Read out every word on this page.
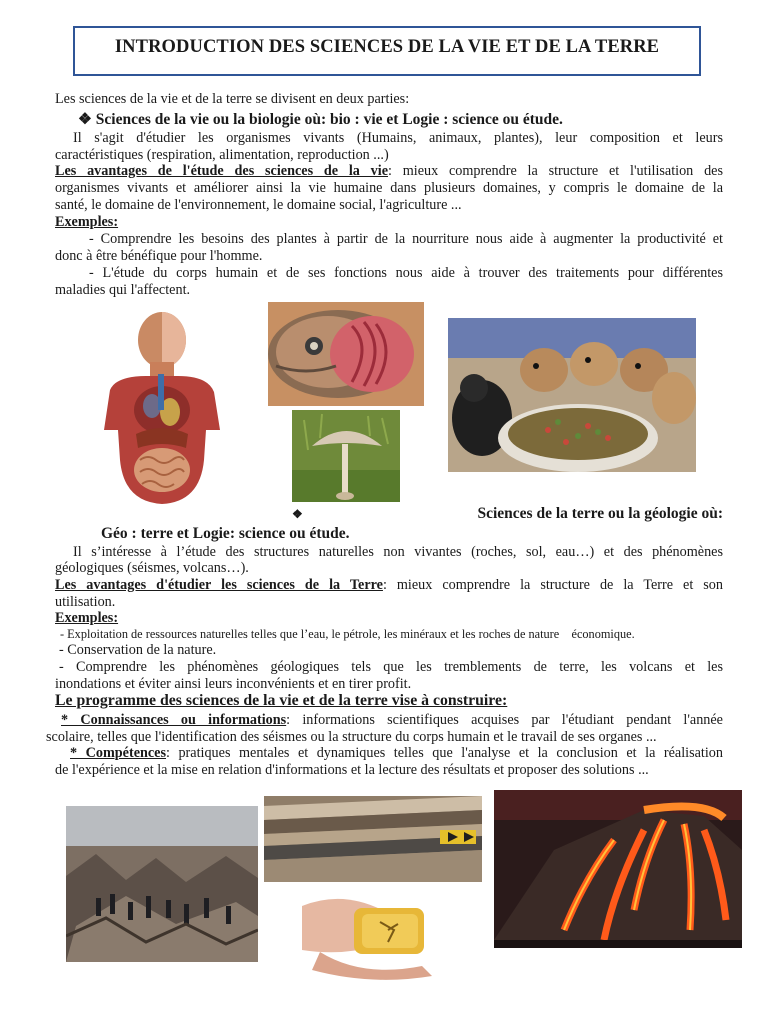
INTRODUCTION DES SCIENCES DE LA VIE ET DE LA TERRE
Les sciences de la vie et de la terre se divisent en deux parties:
❖ Sciences de la vie ou la biologie où: bio : vie et Logie : science ou étude.
Il s'agit d'étudier les organismes vivants (Humains, animaux, plantes), leur composition et leurs
caractéristiques (respiration, alimentation, reproduction ...)
Les avantages de l'étude des sciences de la vie: mieux comprendre la structure et l'utilisation des
organismes vivants et améliorer ainsi la vie humaine dans plusieurs domaines, y compris le domaine de la
santé, le domaine de l'environnement, le domaine social, l'agriculture ...
Exemples:
- Comprendre les besoins des plantes à partir de la nourriture nous aide à augmenter la productivité et
donc à être bénéfique pour l'homme.
- L'étude du corps humain et de ses fonctions nous aide à trouver des traitements pour différentes
maladies qui l'affectent.
❖	Sciences de la terre ou la géologie où:
Géo : terre et Logie: science ou étude.
Il s’intéresse à l’étude des structures naturelles non vivantes (roches, sol, eau…) et des phénomènes
géologiques (séismes, volcans…).
Les avantages d'étudier les sciences de la Terre: mieux comprendre la structure de la Terre et son
utilisation.
Exemples:
- Exploitation de ressources naturelles telles que l’eau, le pétrole, les minéraux et les roches de nature    économique.
- Conservation de la nature.
- Comprendre les phénomènes géologiques tels que les tremblements de terre, les volcans et les
inondations et éviter ainsi leurs inconvénients et en tirer profit.
Le programme des sciences de la vie et de la terre vise à construire:
* Connaissances ou informations: informations scientifiques acquises par l'étudiant pendant l'année
scolaire, telles que l'identification des séismes ou la structure du corps humain et le travail de ses organes ...
* Compétences: pratiques mentales et dynamiques telles que l'analyse et la conclusion et la réalisation
de l'expérience et la mise en relation d'informations et la lecture des résultats et proposer des solutions ...
